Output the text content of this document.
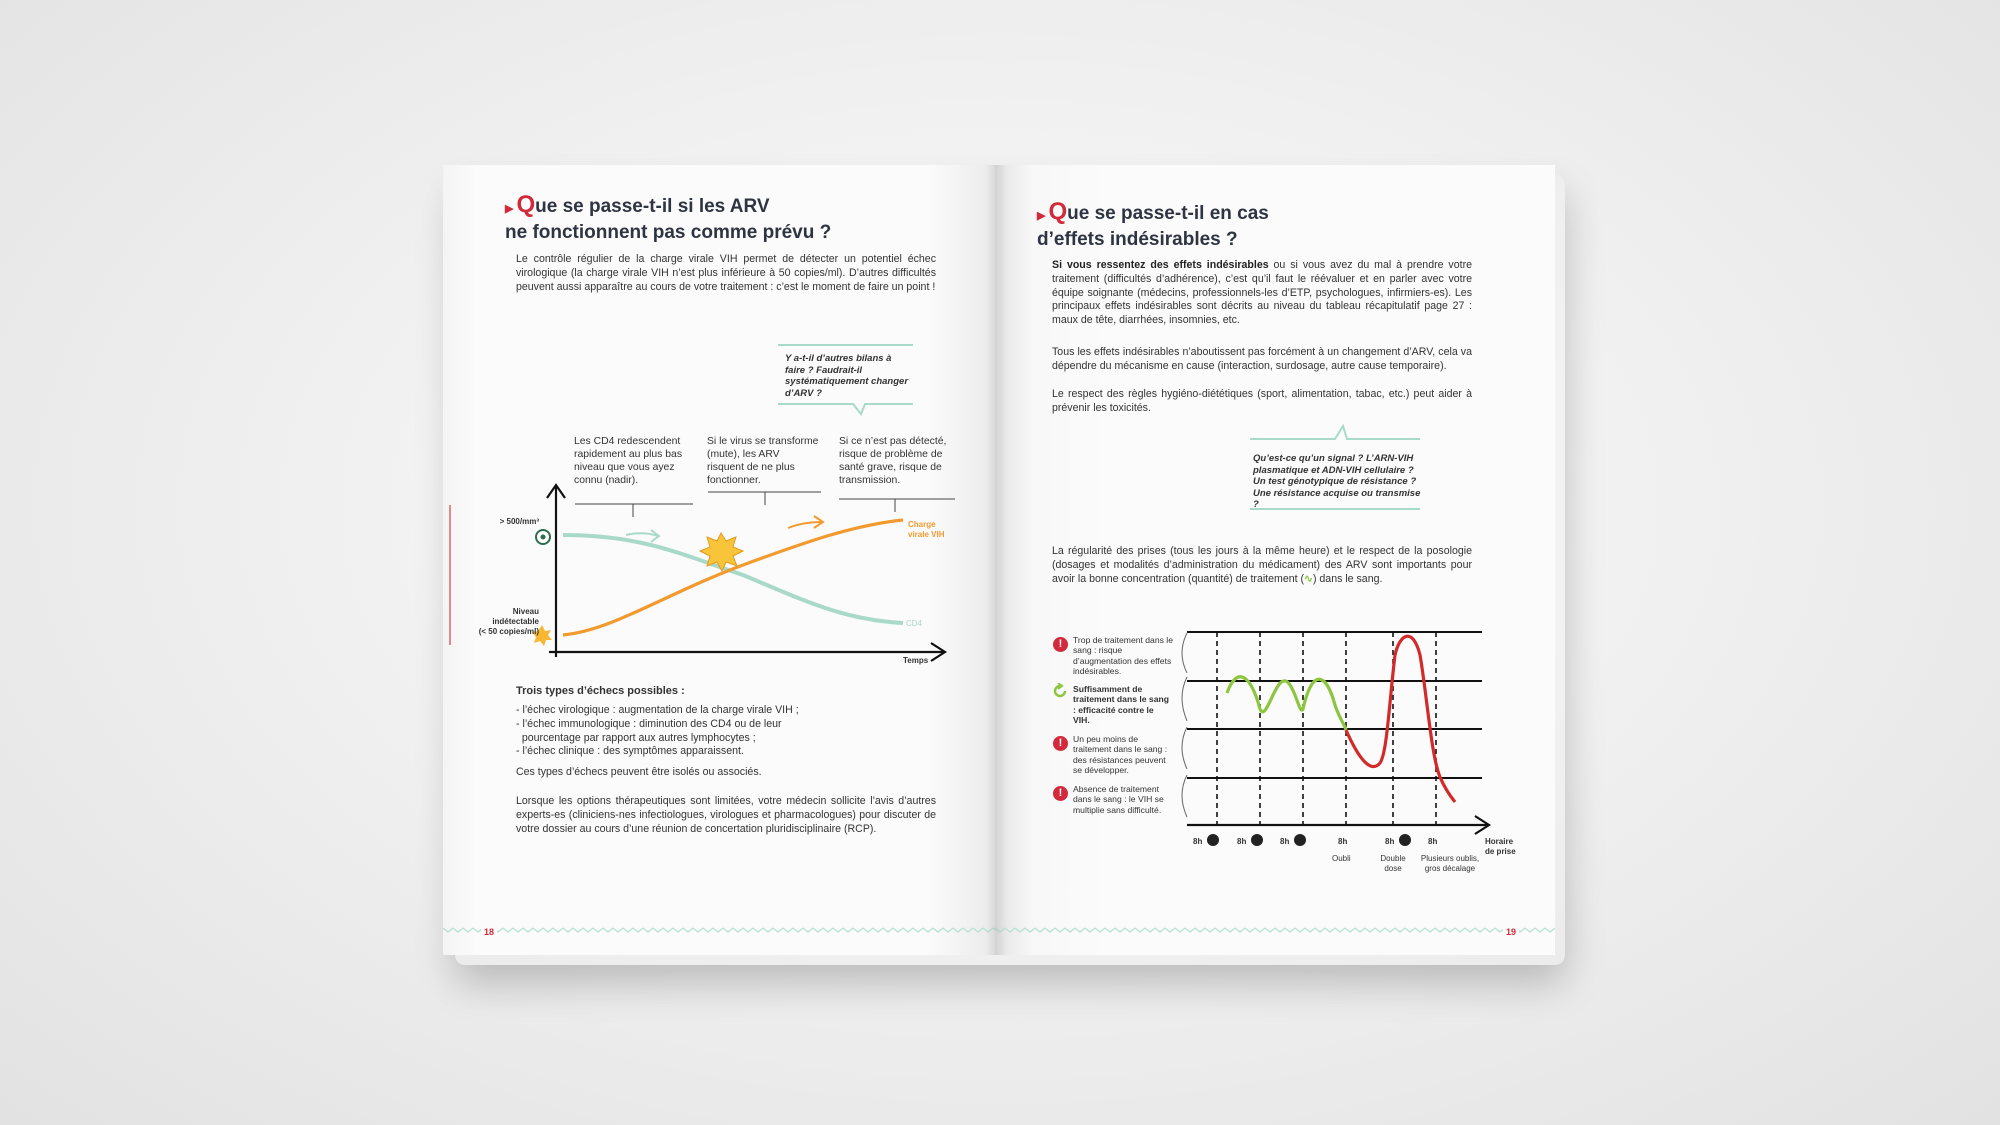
▶ Que se passe-t-il si les ARV
ne fonctionnent pas comme prévu ?
Le contrôle régulier de la charge virale VIH permet de détecter un potentiel échec virologique (la charge virale VIH n’est plus inférieure à 50 copies/ml). D’autres difficultés peuvent aussi apparaître au cours de votre traitement : c’est le moment de faire un point !
Y a-t-il d’autres bilans à faire ? Faudrait-il systématiquement changer d’ARV ?
Les CD4 redescendent rapidement au plus bas niveau que vous ayez connu (nadir).
Si le virus se transforme (mute), les ARV risquent de ne plus fonctionner.
Si ce n’est pas détecté, risque de problème de santé grave, risque de transmission.
> 500/mm³
Niveau
indétectable
(< 50 copies/ml)
Temps
Charge
virale VIH
CD4
Trois types d’échecs possibles :
- l’échec virologique : augmentation de la charge virale VIH ;
- l’échec immunologique : diminution des CD4 ou de leur
pourcentage par rapport aux autres lymphocytes ;
- l’échec clinique : des symptômes apparaissent.
Ces types d’échecs peuvent être isolés ou associés.
Lorsque les options thérapeutiques sont limitées, votre médecin sollicite l’avis d’autres experts-es (cliniciens-nes infectiologues, virologues et pharmacologues) pour discuter de votre dossier au cours d’une réunion de concertation pluridisciplinaire (RCP).
18
▶ Que se passe-t-il en cas
d’effets indésirables ?
Si vous ressentez des effets indésirables ou si vous avez du mal à prendre votre traitement (difficultés d’adhérence), c’est qu’il faut le réévaluer et en parler avec votre équipe soignante (médecins, professionnels-les d’ETP, psychologues, infirmiers-es). Les principaux effets indésirables sont décrits au niveau du tableau récapitulatif page 27 : maux de tête, diarrhées, insomnies, etc.
Tous les effets indésirables n’aboutissent pas forcément à un changement d’ARV, cela va dépendre du mécanisme en cause (interaction, surdosage, autre cause temporaire).
Le respect des règles hygiéno-diététiques (sport, alimentation, tabac, etc.) peut aider à prévenir les toxicités.
Qu’est-ce qu’un signal ? L’ARN-VIH plasmatique et ADN-VIH cellulaire ? Un test génotypique de résistance ? Une résistance acquise ou transmise ?
La régularité des prises (tous les jours à la même heure) et le respect de la posologie (dosages et modalités d’administration du médicament) des ARV sont importants pour avoir la bonne concentration (quantité) de traitement (∿) dans le sang.
!	Trop de traitement dans le sang : risque d’augmentation des effets indésirables.
Suffisamment de traitement dans le sang : efficacité contre le VIH.
!	Un peu moins de traitement dans le sang : des résistances peuvent se développer.
!	Absence de traitement dans le sang : le VIH se multiplie sans difficulté.
8h	8h	8h	8h	8h	8h
Oubli	Double dose
Plusieurs oublis, gros décalage
Horaire
de prise
19
